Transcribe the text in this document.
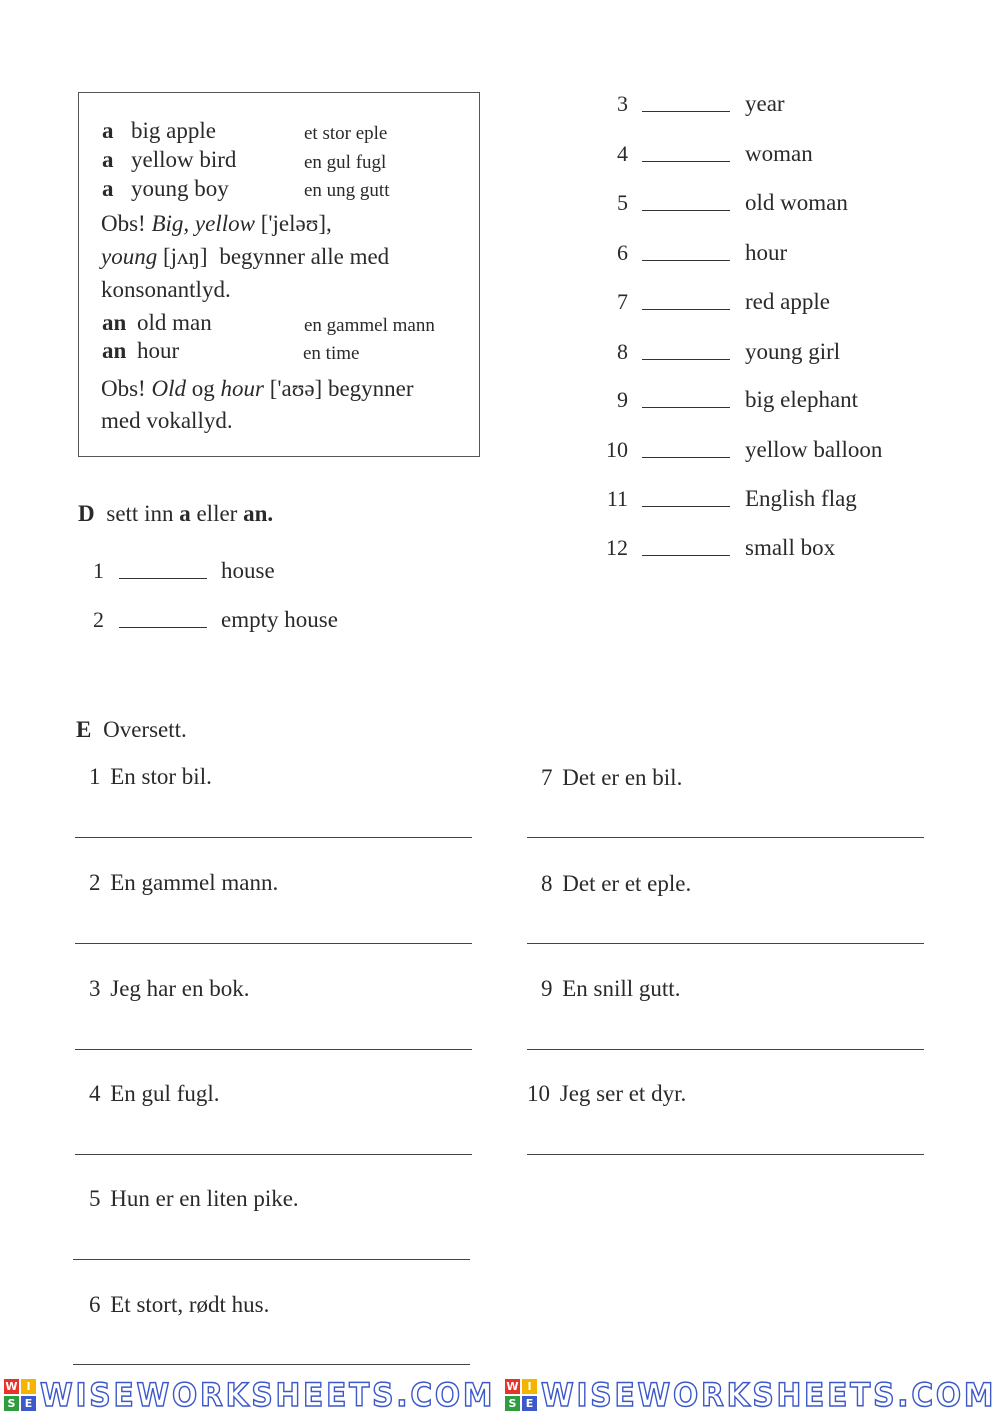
a big apple	et stor eple
a yellow bird	en gul fugl
a young boy	en ung gutt
Obs! Big, yellow ['jeləʊ],
young [jʌŋ] begynner alle med
konsonantlyd.
an old man	en gammel mann
an hour	en time
Obs! Old og hour ['aʊə] begynner
med vokallyd.
D sett inn a eller an.
1	house
2	empty house
3	year
4	woman
5	old woman
6	hour
7	red apple
8	young girl
9	big elephant
10	yellow balloon
11	English flag
12	small box
E Oversett.
1 En stor bil.
2 En gammel mann.
3 Jeg har en bok.
4 En gul fugl.
5 Hun er en liten pike.
6 Et stort, rødt hus.
7 Det er en bil.
8 Det er et eple.
9 En snill gutt.
10 Jeg ser et dyr.
W I
S E WISEWORKSHEETS.COM W I
S E WISEWORKSHEETS.COM
